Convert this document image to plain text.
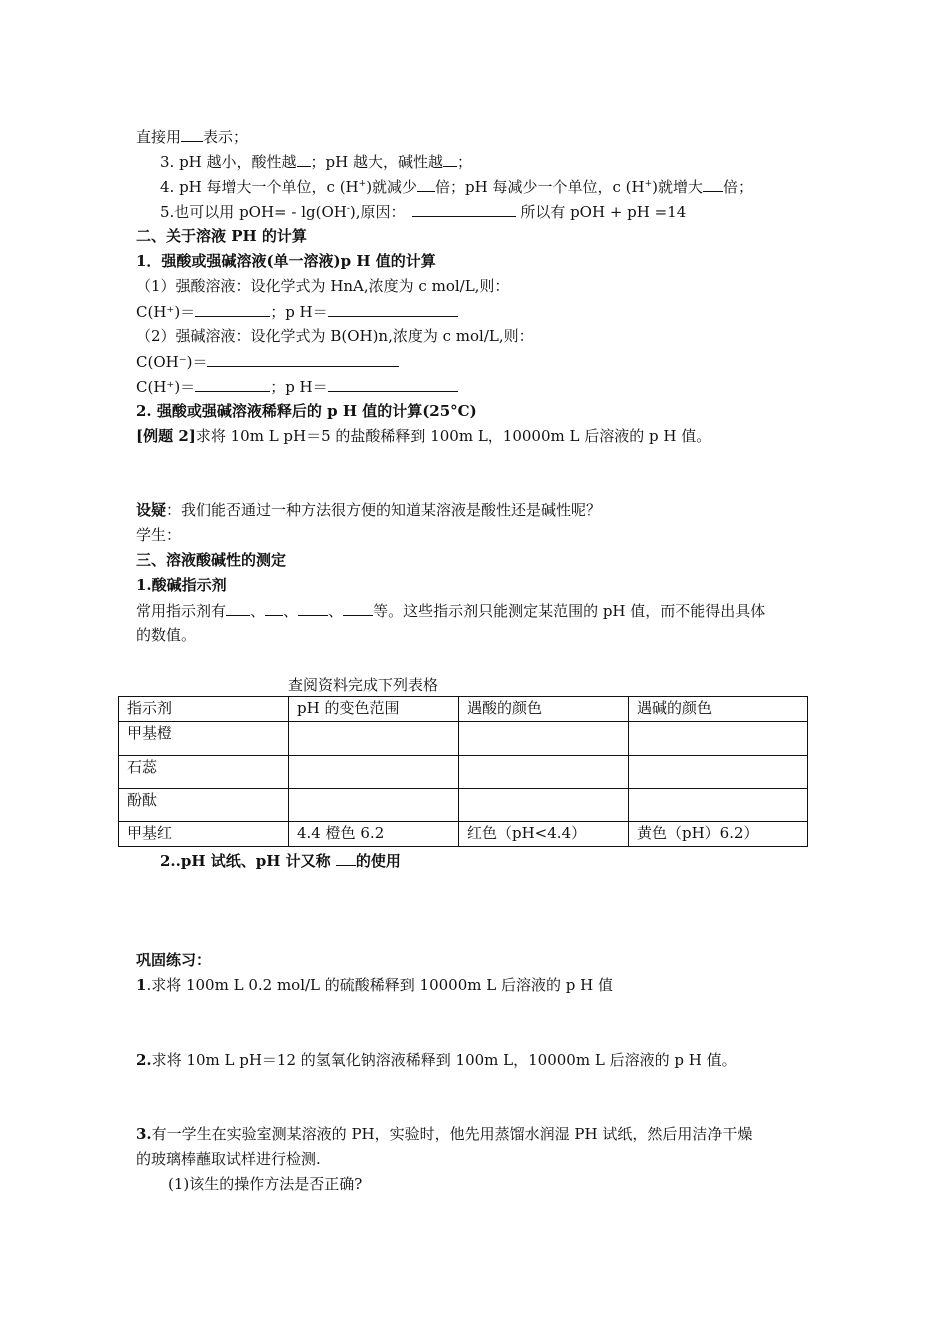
直接用 表示；
3. pH 越小，酸性越 ；pH 越大，碱性越 ；
4. pH 每增大一个单位，c (H+)就减少 倍；pH 每减少一个单位，c (H+)就增大 倍；
5.也可以用 pOH= - lg(OH-),原因：	所以有 pOH + pH =14
二、关于溶液 PH 的计算
1．强酸或强碱溶液(单一溶液)p H 值的计算
（1）强酸溶液：设化学式为 HnA,浓度为 c mol/L,则：
C(H⁺)＝	；p H＝
（2）强碱溶液：设化学式为 B(OH)n,浓度为 c mol/L,则：
C(OH⁻)＝
C(H⁺)＝	；p H＝
2. 强酸或强碱溶液稀释后的 p H 值的计算(25°C)
[例题 2]求将 10m L pH＝5 的盐酸稀释到 100m L，10000m L 后溶液的 p H 值。
设疑：我们能否通过一种方法很方便的知道某溶液是酸性还是碱性呢？
学生：
三、溶液酸碱性的测定
1.酸碱指示剂
常用指示剂有 、 、 、 等。这些指示剂只能测定某范围的 pH 值，而不能得出具体
的数值。
查阅资料完成下列表格
指示剂	pH 的变色范围	遇酸的颜色	遇碱的颜色
甲基橙			
石蕊			
酚酞			
甲基红	4.4 橙色 6.2	红色（pH<4.4）	黄色（pH）6.2）
2..pH 试纸、pH 计又称 的使用
巩固练习：
1.求将 100m L 0.2 mol/L 的硫酸稀释到 10000m L 后溶液的 p H 值
2.求将 10m L pH＝12 的氢氧化钠溶液稀释到 100m L，10000m L 后溶液的 p H 值。
3.有一学生在实验室测某溶液的 PH，实验时，他先用蒸馏水润湿 PH 试纸，然后用洁净干燥
的玻璃棒蘸取试样进行检测.
(1)该生的操作方法是否正确?
